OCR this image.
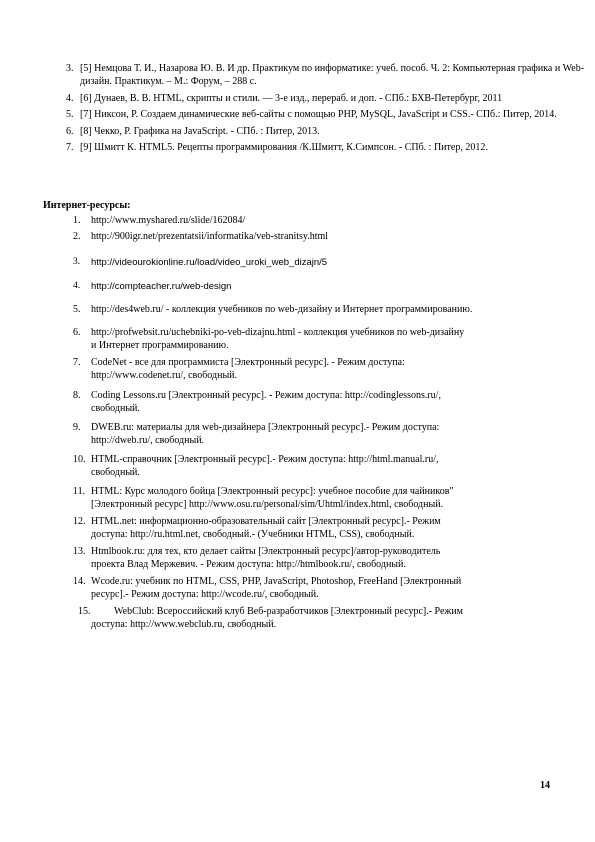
3. [5] Немцова Т. И., Назарова Ю. В. И др. Практикум по информатике: учеб. пособ. Ч. 2: Компьютерная графика и Web-дизайн. Практикум. – М.: Форум, – 288 с.
4. [6] Дунаев, В. В. HTML, скрипты и стили. — 3-е изд., перераб. и доп. - СПб.: БХВ-Петербург, 2011
5. [7] Никсон, Р. Создаем динамические веб-сайты с помощью PHP, MySQL, JavaScript и CSS.- СПб.: Питер, 2014.
6. [8] Чекко, Р. Графика на JavaScript. - СПб. : Питер, 2013.
7. [9] Шмитт К. HTML5. Рецепты программирования /К.Шмитт, К.Симпсон. - СПб. : Питер, 2012.
Интернет-ресурсы:
1. http://www.myshared.ru/slide/162084/
2. http://900igr.net/prezentatsii/informatika/veb-stranitsy.html
3. http://videourokionline.ru/load/video_uroki_web_dizajn/5
4. http://compteacher.ru/web-design
5. http://des4web.ru/ - коллекция учебников по web-дизайну и Интернет программированию.
6. http://profwebsit.ru/uchebniki-po-veb-dizajnu.html - коллекция учебников по web-дизайну
и Интернет программированию.
7. CodeNet - все для программиста [Электронный ресурс]. - Режим доступа:
http://www.codenet.ru/, свободный.
8. Coding Lessons.ru [Электронный ресурс]. - Режим доступа: http://codinglessons.ru/,
свободный.
9. DWEB.ru: материалы для web-дизайнера [Электронный ресурс].- Режим доступа:
http://dweb.ru/, свободный.
10. HTML-справочник [Электронный ресурс].- Режим доступа: http://html.manual.ru/,
свободный.
11. HTML: Курс молодого бойца [Электронный ресурс]: учебное пособие для чайников"
[Электронный ресурс] http://www.osu.ru/personal/sim/Uhtml/index.html, свободный.
12. HTML.net: информационно-образовательный сайт [Электронный ресурс].- Режим
доступа: http://ru.html.net, свободный.- (Учебники HTML, CSS), свободный.
13. Htmlbook.ru: для тех, кто делает сайты [Электронный ресурс]/автор-руководитель
проекта Влад Мержевич. - Режим доступа: http://htmlbook.ru/, свободный.
14. Wcode.ru: учебник по HTML, CSS, PHP, JavaScript, Photoshop, FreeHand [Электронный
ресурс].- Режим доступа: http://wcode.ru/, свободный.
15. WebClub: Всероссийский клуб Веб-разработчиков [Электронный ресурс].- Режим
доступа: http://www.webclub.ru, свободный.
14
